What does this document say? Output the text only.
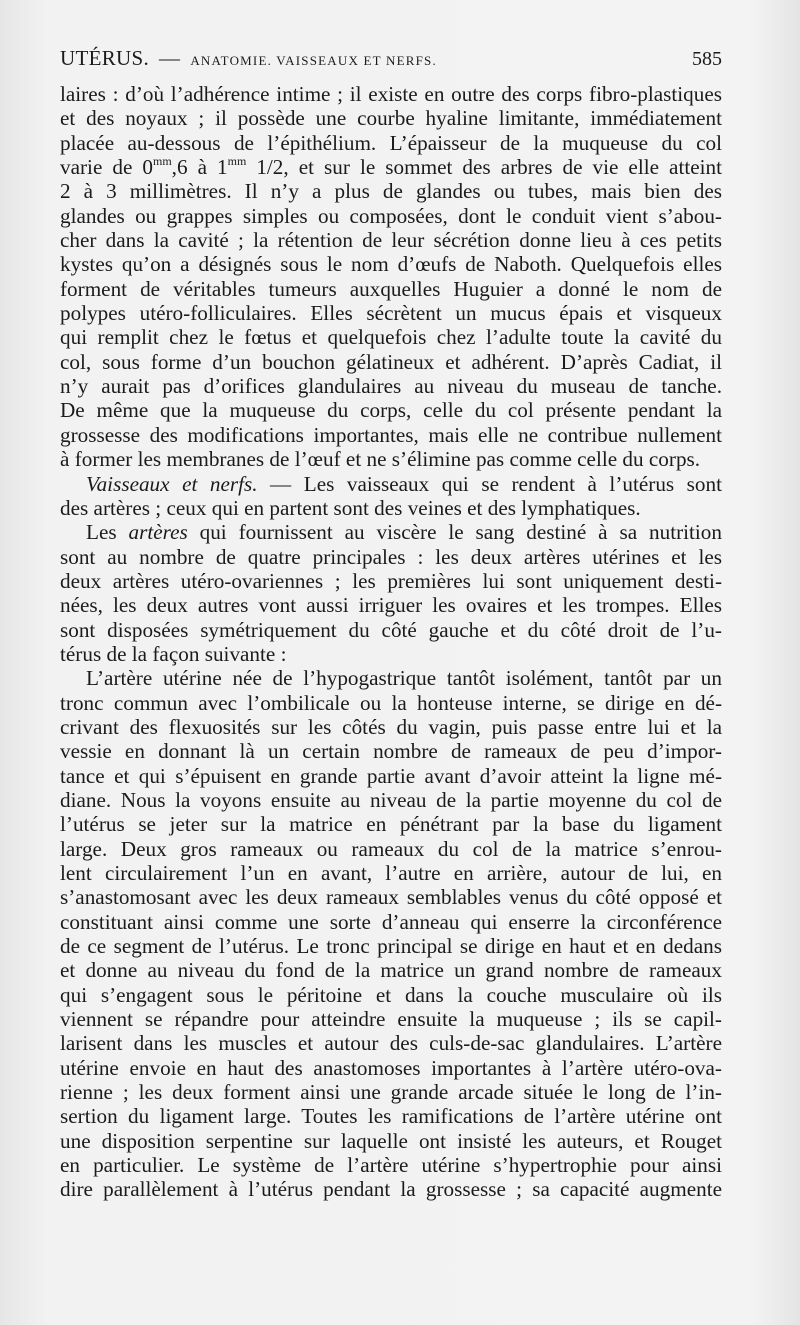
UTÉRUS. — ANATOMIE. VAISSEAUX ET NERFS.	585
laires : d’où l’adhérence intime ; il existe en outre des corps fibro-plastiques
et des noyaux ; il possède une courbe hyaline limitante, immédiatement
placée au-dessous de l’épithélium. L’épaisseur de la muqueuse du col
varie de $0^{mm},6$ à $1^{mm}$ 1/2, et sur le sommet des arbres de vie elle atteint
2 à 3 millimètres. Il n’y a plus de glandes ou tubes, mais bien des
glandes ou grappes simples ou composées, dont le conduit vient s’abou-
cher dans la cavité ; la rétention de leur sécrétion donne lieu à ces petits
kystes qu’on a désignés sous le nom d’œufs de Naboth. Quelquefois elles
forment de véritables tumeurs auxquelles Huguier a donné le nom de
polypes utéro-folliculaires. Elles sécrètent un mucus épais et visqueux
qui remplit chez le fœtus et quelquefois chez l’adulte toute la cavité du
col, sous forme d’un bouchon gélatineux et adhérent. D’après Cadiat, il
n’y aurait pas d’orifices glandulaires au niveau du museau de tanche.
De même que la muqueuse du corps, celle du col présente pendant la
grossesse des modifications importantes, mais elle ne contribue nullement
à former les membranes de l’œuf et ne s’élimine pas comme celle du corps.
Vaisseaux et nerfs. — Les vaisseaux qui se rendent à l’utérus sont
des artères ; ceux qui en partent sont des veines et des lymphatiques.
Les artères qui fournissent au viscère le sang destiné à sa nutrition
sont au nombre de quatre principales : les deux artères utérines et les
deux artères utéro-ovariennes ; les premières lui sont uniquement desti-
nées, les deux autres vont aussi irriguer les ovaires et les trompes. Elles
sont disposées symétriquement du côté gauche et du côté droit de l’u-
térus de la façon suivante :
L’artère utérine née de l’hypogastrique tantôt isolément, tantôt par un
tronc commun avec l’ombilicale ou la honteuse interne, se dirige en dé-
crivant des flexuosités sur les côtés du vagin, puis passe entre lui et la
vessie en donnant là un certain nombre de rameaux de peu d’impor-
tance et qui s’épuisent en grande partie avant d’avoir atteint la ligne mé-
diane. Nous la voyons ensuite au niveau de la partie moyenne du col de
l’utérus se jeter sur la matrice en pénétrant par la base du ligament
large. Deux gros rameaux ou rameaux du col de la matrice s’enrou-
lent circulairement l’un en avant, l’autre en arrière, autour de lui, en
s’anastomosant avec les deux rameaux semblables venus du côté opposé et
constituant ainsi comme une sorte d’anneau qui enserre la circonférence
de ce segment de l’utérus. Le tronc principal se dirige en haut et en dedans
et donne au niveau du fond de la matrice un grand nombre de rameaux
qui s’engagent sous le péritoine et dans la couche musculaire où ils
viennent se répandre pour atteindre ensuite la muqueuse ; ils se capil-
larisent dans les muscles et autour des culs-de-sac glandulaires. L’artère
utérine envoie en haut des anastomoses importantes à l’artère utéro-ova-
rienne ; les deux forment ainsi une grande arcade située le long de l’in-
sertion du ligament large. Toutes les ramifications de l’artère utérine ont
une disposition serpentine sur laquelle ont insisté les auteurs, et Rouget
en particulier. Le système de l’artère utérine s’hypertrophie pour ainsi
dire parallèlement à l’utérus pendant la grossesse ; sa capacité augmente
